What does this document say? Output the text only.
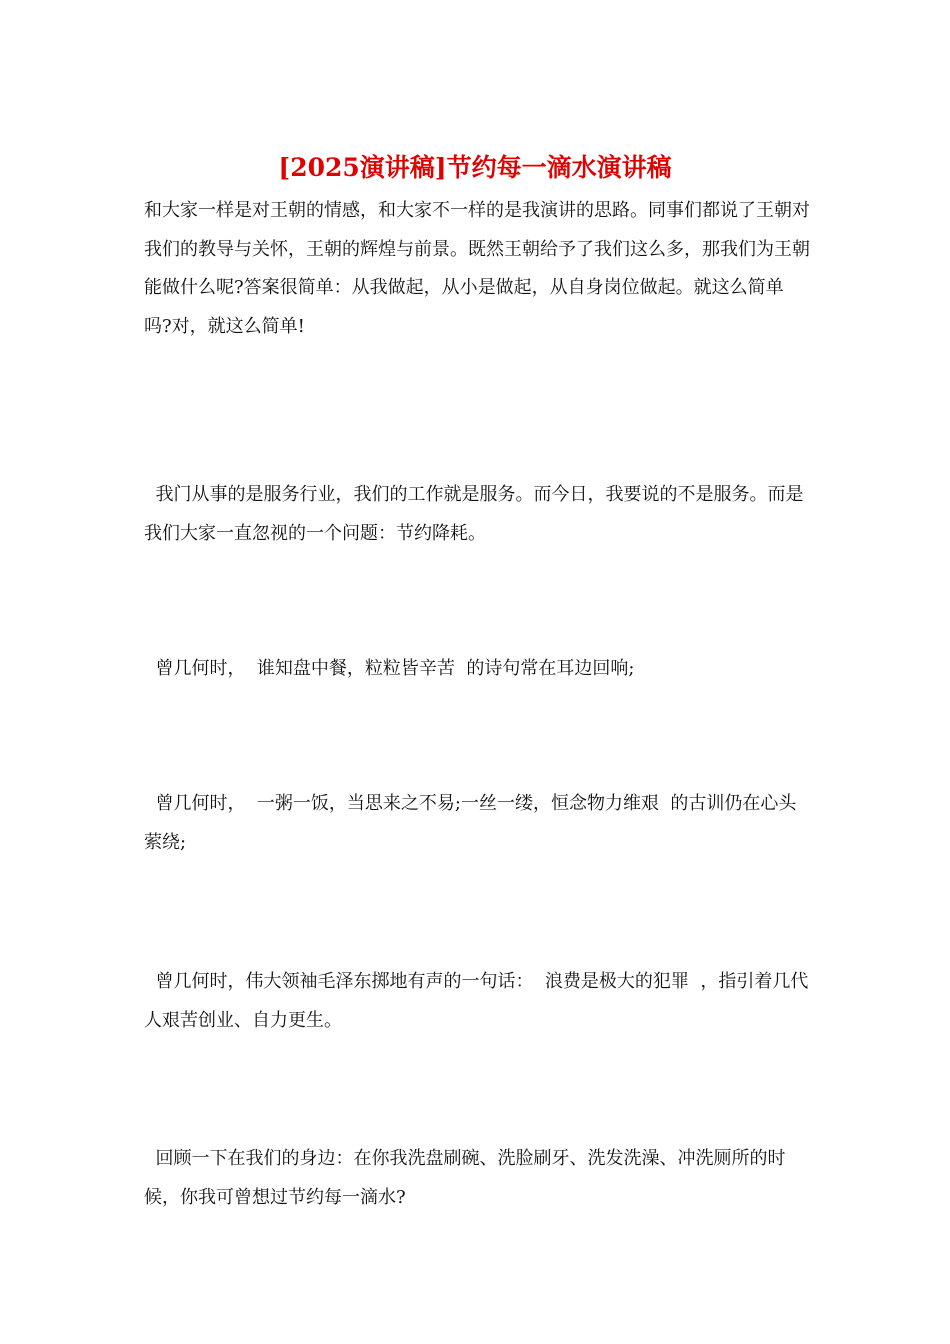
[2025演讲稿]节约每一滴水演讲稿

和大家一样是对王朝的情感，和大家不一样的是我演讲的思路。同事们都说了王朝对我们的教导与关怀，王朝的辉煌与前景。既然王朝给予了我们这么多，那我们为王朝能做什么呢?答案很简单：从我做起，从小是做起，从自身岗位做起。就这么简单吗?对，就这么简单!

我门从事的是服务行业，我们的工作就是服务。而今日，我要说的不是服务。而是我们大家一直忽视的一个问题：节约降耗。

曾几何时，  谁知盘中餐，粒粒皆辛苦  的诗句常在耳边回响;

曾几何时，  一粥一饭，当思来之不易;一丝一缕，恒念物力维艰  的古训仍在心头萦绕;

曾几何时，伟大领袖毛泽东掷地有声的一句话：  浪费是极大的犯罪  ，指引着几代人艰苦创业、自力更生。

回顾一下在我们的身边：在你我洗盘刷碗、洗脸刷牙、洗发洗澡、冲洗厕所的时候，你我可曾想过节约每一滴水?
